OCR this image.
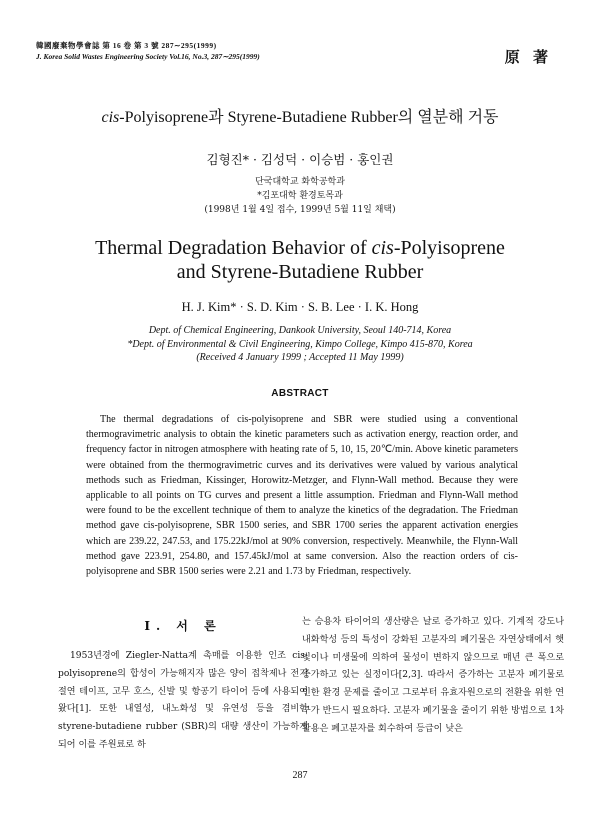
韓國廢棄物學會誌 第 16 卷 第 3 號 287∼295(1999)
J. Korea Solid Wastes Engineering Society Vol.16, No.3, 287∼295(1999)	原 著
cis-Polyisoprene과 Styrene-Butadiene Rubber의 열분해 거동
김형진* · 김성덕 · 이승범 · 홍인권
단국대학교 화학공학과
*김포대학 환경토목과
(1998년 1월 4일 접수, 1999년 5월 11일 채택)
Thermal Degradation Behavior of cis-Polyisoprene
and Styrene-Butadiene Rubber
H. J. Kim* · S. D. Kim · S. B. Lee · I. K. Hong
Dept. of Chemical Engineering, Dankook University, Seoul 140-714, Korea
*Dept. of Environmental & Civil Engineering, Kimpo College, Kimpo 415-870, Korea
(Received 4 January 1999 ; Accepted 11 May 1999)
ABSTRACT

The thermal degradations of cis-polyisoprene and SBR were studied using a conventional thermogravimetric analysis to obtain the kinetic parameters such as activation energy, reaction order, and frequency factor in nitrogen atmosphere with heating rate of 5, 10, 15, 20℃/min. Above kinetic parameters were obtained from the thermogravimetric curves and its derivatives were valued by various analytical methods such as Friedman, Kissinger, Horowitz-Metzger, and Flynn-Wall method. Because they were applicable to all points on TG curves and present a little assumption. Friedman and Flynn-Wall method were found to be the excellent technique of them to analyze the kinetics of the degradation. The Friedman method gave cis-polyisoprene, SBR 1500 series, and SBR 1700 series the apparent activation energies which are 239.22, 247.53, and 175.22kJ/mol at 90% conversion, respectively. Meanwhile, the Flynn-Wall method gave 223.91, 254.80, and 157.45kJ/mol at same conversion. Also the reaction orders of cis-polyisoprene and SBR 1500 series were 2.21 and 1.73 by Friedman, respectively.

I. 서 론

1953년경에 Ziegler-Natta계 촉매를 이용한 인조 cis-polyisoprene의 합성이 가능해지자 많은 양이 접착제나 전기 절연 테이프, 고무 호스, 신발 및 항공기 타이어 등에 사용되어 왔다[1]. 또한 내열성, 내노화성 및 유연성 등을 겸비한 styrene-butadiene rubber (SBR)의 대량 생산이 가능하게 되어 이를 주원료로 하

는 승용차 타이어의 생산량은 날로 증가하고 있다. 기계적 강도나 내화학성 등의 특성이 강화된 고분자의 폐기물은 자연상태에서 햇빛이나 미생물에 의하여 물성이 변하지 않으므로 매년 큰 폭으로 증가하고 있는 실정이다[2,3]. 따라서 증가하는 고분자 폐기물로 인한 환경 문제를 줄이고 그로부터 유효자원으로의 전환을 위한 연구가 반드시 필요하다. 고분자 폐기물을 줄이기 위한 방법으로 1차 활용은 폐고분자를 회수하여 등급이 낮은

287
